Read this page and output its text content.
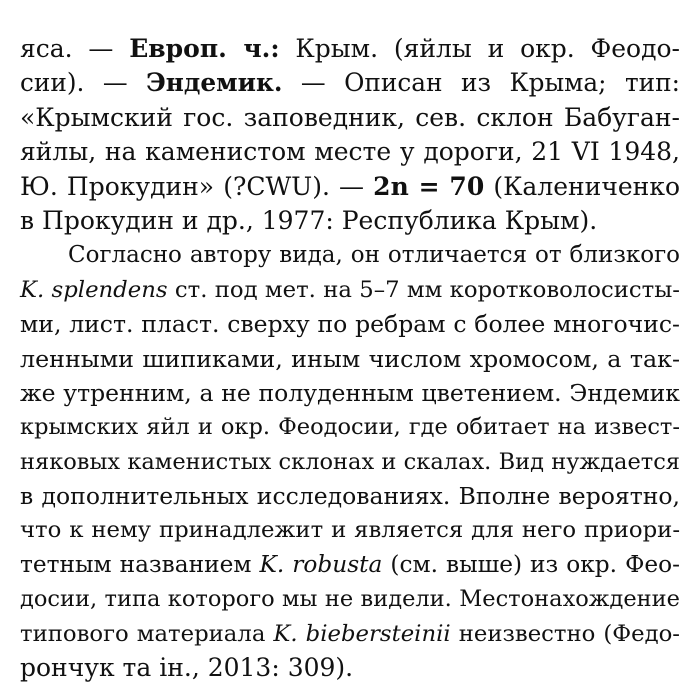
яса. — Европ. ч.: Крым. (яйлы и окр. Феодо-
сии). — Эндемик. — Описан из Крыма; тип:
«Крымский гос. заповедник, сев. склон Бабуган-
яйлы, на каменистом месте у дороги, 21 VI 1948,
Ю. Прокудин» (?CWU). — 2n = 70 (Калениченко
в Прокудин и др., 1977: Республика Крым).
Согласно автору вида, он отличается от близкого
K. splendens ст. под мет. на 5–7 мм коротковолосисты-
ми, лист. пласт. сверху по ребрам с более многочис-
ленными шипиками, иным числом хромосом, а так-
же утренним, а не полуденным цветением. Эндемик
крымских яйл и окр. Феодосии, где обитает на извест-
няковых каменистых склонах и скалах. Вид нуждается
в дополнительных исследованиях. Вполне вероятно,
что к нему принадлежит и является для него приори-
тетным названием K. robusta (см. выше) из окр. Фео-
досии, типа которого мы не видели. Местонахождение
типового материала K. biebersteinii неизвестно (Федо-
рончук та ін., 2013: 309).
